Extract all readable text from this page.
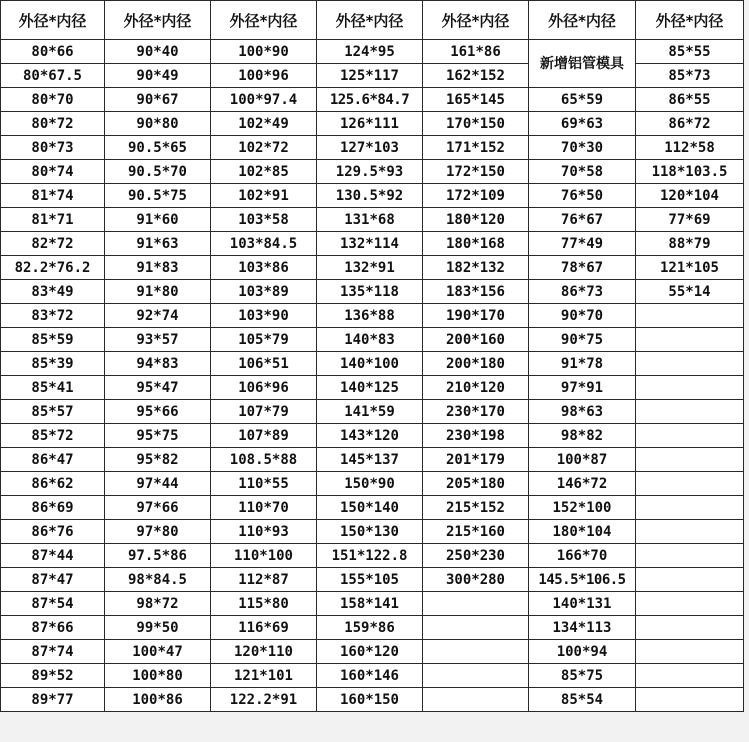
外径*内径	外径*内径	外径*内径	外径*内径	外径*内径	外径*内径	外径*内径
80*66	90*40	100*90	124*95	161*86	新增铝管模具	85*55
80*67.5	90*49	100*96	125*117	162*152		85*73
80*70	90*67	100*97.4	125.6*84.7	165*145	65*59	86*55
80*72	90*80	102*49	126*111	170*150	69*63	86*72
80*73	90.5*65	102*72	127*103	171*152	70*30	112*58
80*74	90.5*70	102*85	129.5*93	172*150	70*58	118*103.5
81*74	90.5*75	102*91	130.5*92	172*109	76*50	120*104
81*71	91*60	103*58	131*68	180*120	76*67	77*69
82*72	91*63	103*84.5	132*114	180*168	77*49	88*79
82.2*76.2	91*83	103*86	132*91	182*132	78*67	121*105
83*49	91*80	103*89	135*118	183*156	86*73	55*14
83*72	92*74	103*90	136*88	190*170	90*70	
85*59	93*57	105*79	140*83	200*160	90*75	
85*39	94*83	106*51	140*100	200*180	91*78	
85*41	95*47	106*96	140*125	210*120	97*91	
85*57	95*66	107*79	141*59	230*170	98*63	
85*72	95*75	107*89	143*120	230*198	98*82	
86*47	95*82	108.5*88	145*137	201*179	100*87	
86*62	97*44	110*55	150*90	205*180	146*72	
86*69	97*66	110*70	150*140	215*152	152*100	
86*76	97*80	110*93	150*130	215*160	180*104	
87*44	97.5*86	110*100	151*122.8	250*230	166*70	
87*47	98*84.5	112*87	155*105	300*280	145.5*106.5	
87*54	98*72	115*80	158*141		140*131	
87*66	99*50	116*69	159*86		134*113	
87*74	100*47	120*110	160*120		100*94	
89*52	100*80	121*101	160*146		85*75	
89*77	100*86	122.2*91	160*150		85*54	
